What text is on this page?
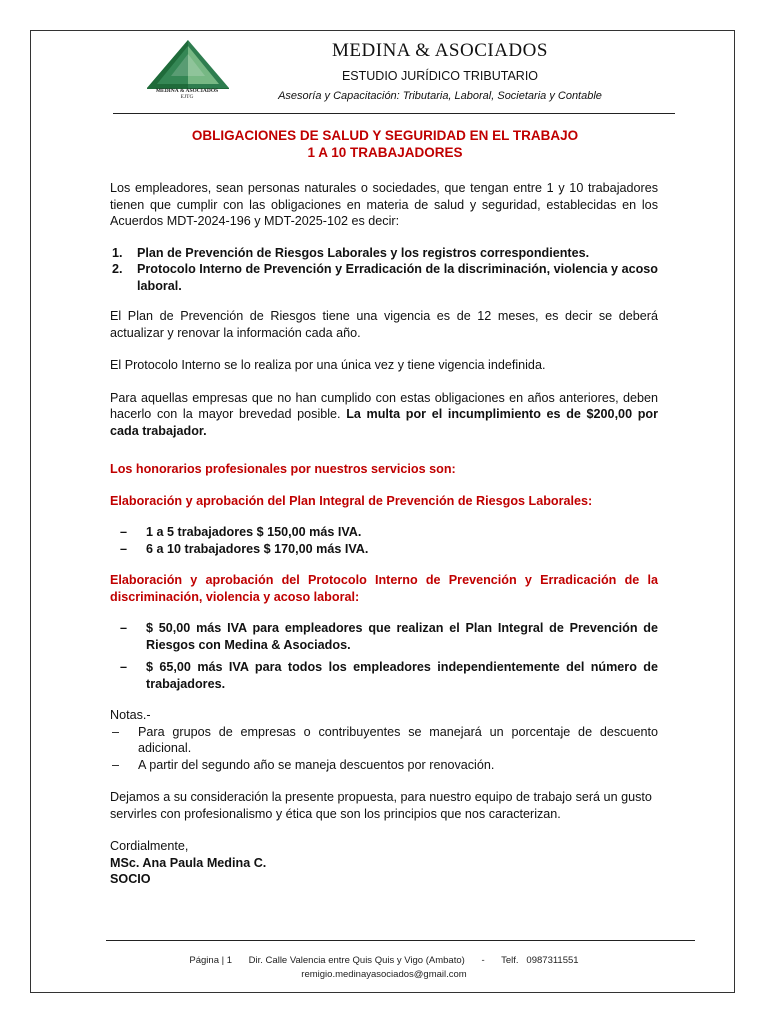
MEDINA & ASOCIADOS
EJTG
MEDINA & ASOCIADOS
ESTUDIO JURÍDICO TRIBUTARIO
Asesoría y Capacitación: Tributaria, Laboral, Societaria y Contable
OBLIGACIONES DE SALUD Y SEGURIDAD EN EL TRABAJO
1 A 10 TRABAJADORES

Los empleadores, sean personas naturales o sociedades, que tengan entre 1 y 10 trabajadores tienen que cumplir con las obligaciones en materia de salud y seguridad, establecidas en los Acuerdos MDT-2024-196 y MDT-2025-102 es decir:

1. Plan de Prevención de Riesgos Laborales y los registros correspondientes.
2. Protocolo Interno de Prevención y Erradicación de la discriminación, violencia y acoso laboral.

El Plan de Prevención de Riesgos tiene una vigencia es de 12 meses, es decir se deberá actualizar y renovar la información cada año.

El Protocolo Interno se lo realiza por una única vez y tiene vigencia indefinida.

Para aquellas empresas que no han cumplido con estas obligaciones en años anteriores, deben hacerlo con la mayor brevedad posible. La multa por el incumplimiento es de $200,00 por cada trabajador.

Los honorarios profesionales por nuestros servicios son:

Elaboración y aprobación del Plan Integral de Prevención de Riesgos Laborales:

– 1 a 5 trabajadores $ 150,00 más IVA.
– 6 a 10 trabajadores $ 170,00 más IVA.

Elaboración y aprobación del Protocolo Interno de Prevención y Erradicación de la discriminación, violencia y acoso laboral:

– $ 50,00 más IVA para empleadores que realizan el Plan Integral de Prevención de Riesgos con Medina & Asociados.
– $ 65,00 más IVA para todos los empleadores independientemente del número de trabajadores.

Notas.-

– Para grupos de empresas o contribuyentes se manejará un porcentaje de descuento adicional.
– A partir del segundo año se maneja descuentos por renovación.

Dejamos a su consideración la presente propuesta, para nuestro equipo de trabajo será un gusto servirles con profesionalismo y ética que son los principios que nos caracterizan.

Cordialmente,

MSc. Ana Paula Medina C.

SOCIO

Página | 1 Dir. Calle Valencia entre Quis Quis y Vigo (Ambato) - Telf.   0987311551
remigio.medinayasociados@gmail.com
